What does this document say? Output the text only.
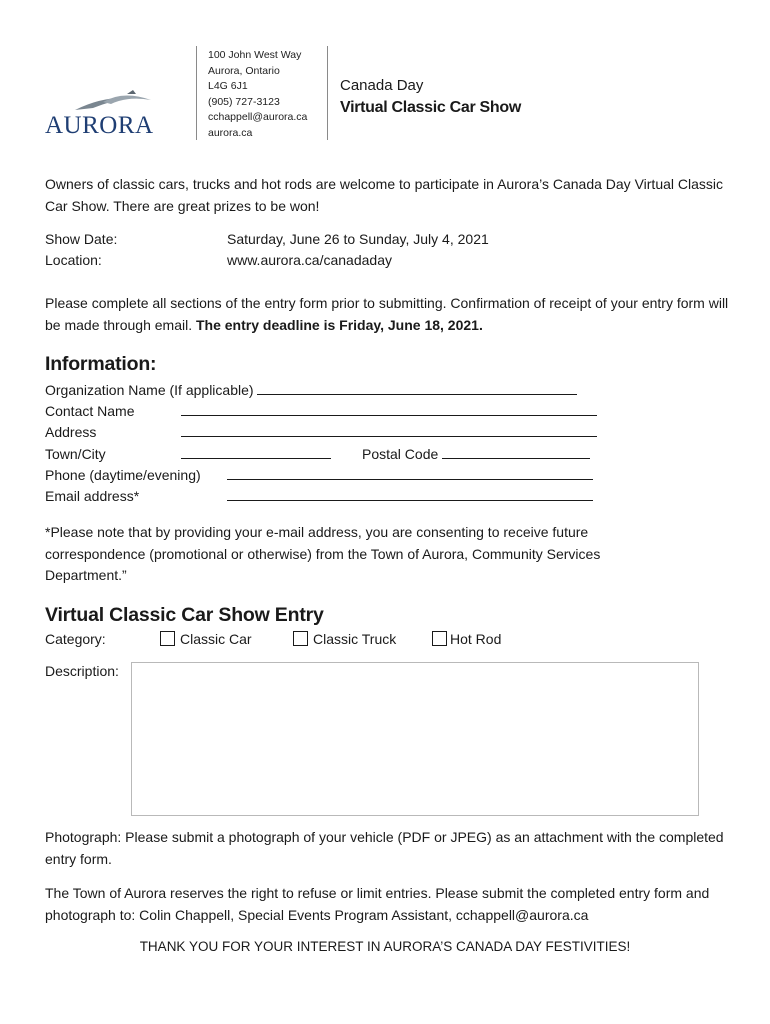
AURORA
100 John West Way
Aurora, Ontario
L4G 6J1
(905) 727-3123
cchappell@aurora.ca
aurora.ca
Canada Day
Virtual Classic Car Show
Owners of classic cars, trucks and hot rods are welcome to participate in Aurora’s Canada Day Virtual Classic Car Show. There are great prizes to be won!
Show Date:	Saturday, June 26 to Sunday, July 4, 2021
Location:	www.aurora.ca/canadaday
Please complete all sections of the entry form prior to submitting. Confirmation of receipt of your entry form will be made through email. The entry deadline is Friday, June 18, 2021.
Information:
Organization Name (If applicable)
Contact Name
Address
Town/City	Postal Code
Phone (daytime/evening)
Email address*
*Please note that by providing your e-mail address, you are consenting to receive future correspondence (promotional or otherwise) from the Town of Aurora, Community Services Department.”
Virtual Classic Car Show Entry
Category:	Classic Car	Classic Truck	Hot Rod
Description:
Photograph: Please submit a photograph of your vehicle (PDF or JPEG) as an attachment with the completed entry form.
The Town of Aurora reserves the right to refuse or limit entries. Please submit the completed entry form and photograph to: Colin Chappell, Special Events Program Assistant, cchappell@aurora.ca
THANK YOU FOR YOUR INTEREST IN AURORA’S CANADA DAY FESTIVITIES!
